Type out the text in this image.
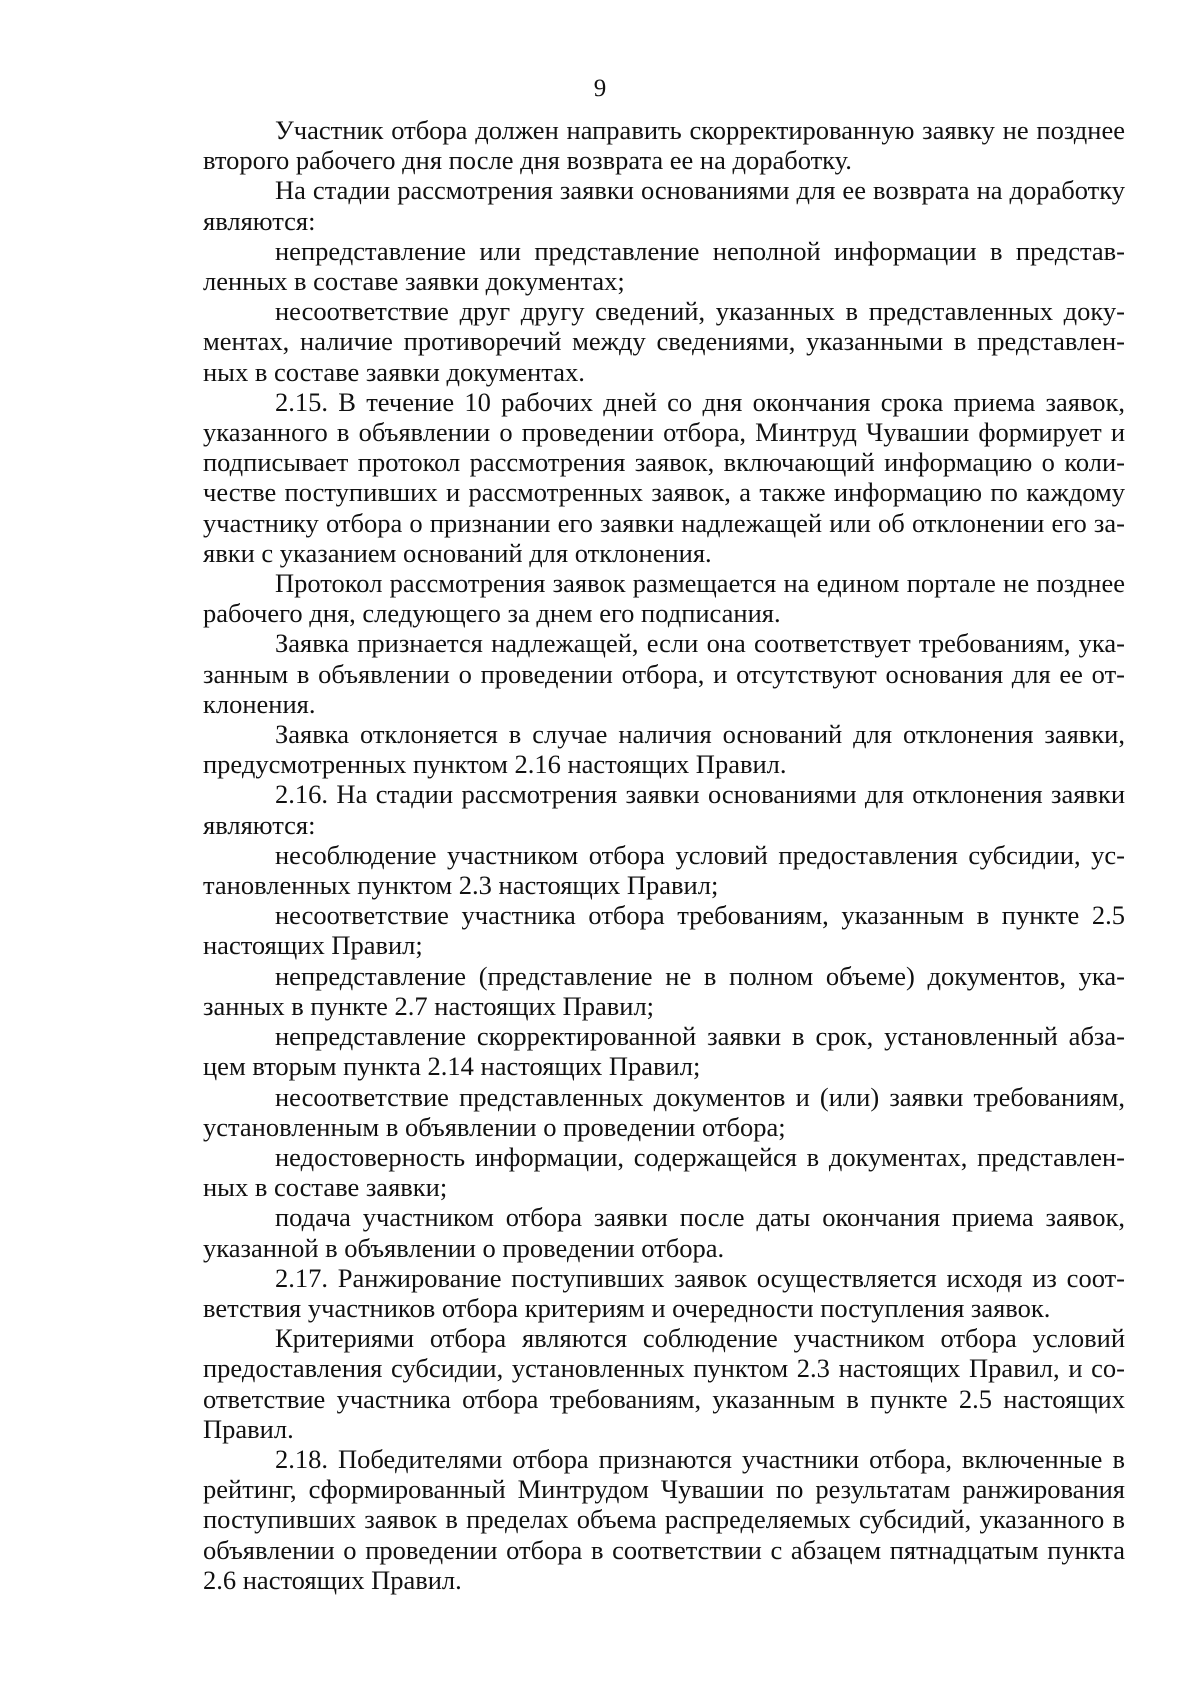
9

Участник отбора должен направить скорректированную заявку не позднее второго рабочего дня после дня возврата ее на доработку.

На стадии рассмотрения заявки основаниями для ее возврата на доработку являются:

непредставление или представление неполной информации в представленных в составе заявки документах;

несоответствие друг другу сведений, указанных в представленных документах, наличие противоречий между сведениями, указанными в представленных в составе заявки документах.

2.15. В течение 10 рабочих дней со дня окончания срока приема заявок, указанного в объявлении о проведении отбора, Минтруд Чувашии формирует и подписывает протокол рассмотрения заявок, включающий информацию о количестве поступивших и рассмотренных заявок, а также информацию по каждому участнику отбора о признании его заявки надлежащей или об отклонении его заявки с указанием оснований для отклонения.

Протокол рассмотрения заявок размещается на едином портале не позднее рабочего дня, следующего за днем его подписания.

Заявка признается надлежащей, если она соответствует требованиям, указанным в объявлении о проведении отбора, и отсутствуют основания для ее отклонения.

Заявка отклоняется в случае наличия оснований для отклонения заявки, предусмотренных пунктом 2.16 настоящих Правил.

2.16. На стадии рассмотрения заявки основаниями для отклонения заявки являются:

несоблюдение участником отбора условий предоставления субсидии, установленных пунктом 2.3 настоящих Правил;

несоответствие участника отбора требованиям, указанным в пункте 2.5 настоящих Правил;

непредставление (представление не в полном объеме) документов, указанных в пункте 2.7 настоящих Правил;

непредставление скорректированной заявки в срок, установленный абзацем вторым пункта 2.14 настоящих Правил;

несоответствие представленных документов и (или) заявки требованиям, установленным в объявлении о проведении отбора;

недостоверность информации, содержащейся в документах, представленных в составе заявки;

подача участником отбора заявки после даты окончания приема заявок, указанной в объявлении о проведении отбора.

2.17. Ранжирование поступивших заявок осуществляется исходя из соответствия участников отбора критериям и очередности поступления заявок.

Критериями отбора являются соблюдение участником отбора условий предоставления субсидии, установленных пунктом 2.3 настоящих Правил, и соответствие участника отбора требованиям, указанным в пункте 2.5 настоящих Правил.

2.18. Победителями отбора признаются участники отбора, включенные в рейтинг, сформированный Минтрудом Чувашии по результатам ранжирования поступивших заявок в пределах объема распределяемых субсидий, указанного в объявлении о проведении отбора в соответствии с абзацем пятнадцатым пункта 2.6 настоящих Правил.
